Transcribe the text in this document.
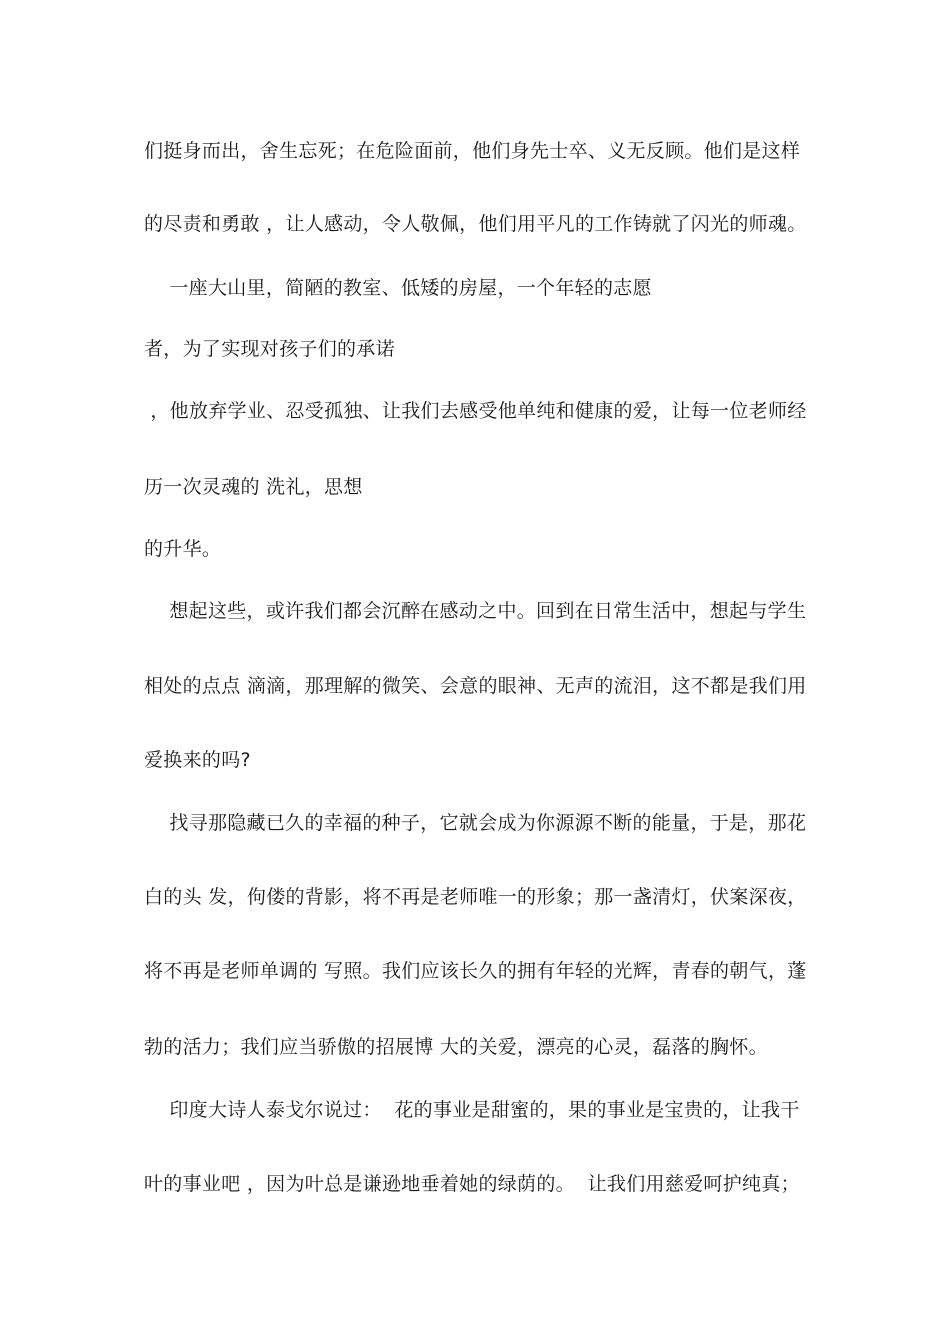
们挺身而出，舍生忘死；在危险面前，他们身先士卒、义无反顾。他们是这样
的尽责和勇敢 ，让人感动，令人敬佩，他们用平凡的工作铸就了闪光的师魂。
一座大山里，简陋的教室、低矮的房屋，一个年轻的志愿
者，为了实现对孩子们的承诺
，他放弃学业、忍受孤独、让我们去感受他单纯和健康的爱，让每一位老师经
历一次灵魂的 洗礼，思想
的升华。
想起这些，或许我们都会沉醉在感动之中。回到在日常生活中，想起与学生
相处的点点 滴滴，那理解的微笑、会意的眼神、无声的流泪，这不都是我们用
爱换来的吗?
找寻那隐藏已久的幸福的种子，它就会成为你源源不断的能量，于是，那花
白的头 发，佝偻的背影，将不再是老师唯一的形象；那一盏清灯，伏案深夜，
将不再是老师单调的 写照。我们应该长久的拥有年轻的光辉，青春的朝气，蓬
勃的活力；我们应当骄傲的招展博 大的关爱，漂亮的心灵，磊落的胸怀。
印度大诗人泰戈尔说过：  花的事业是甜蜜的，果的事业是宝贵的，让我干
叶的事业吧 ，因为叶总是谦逊地垂着她的绿荫的。  让我们用慈爱呵护纯真；
